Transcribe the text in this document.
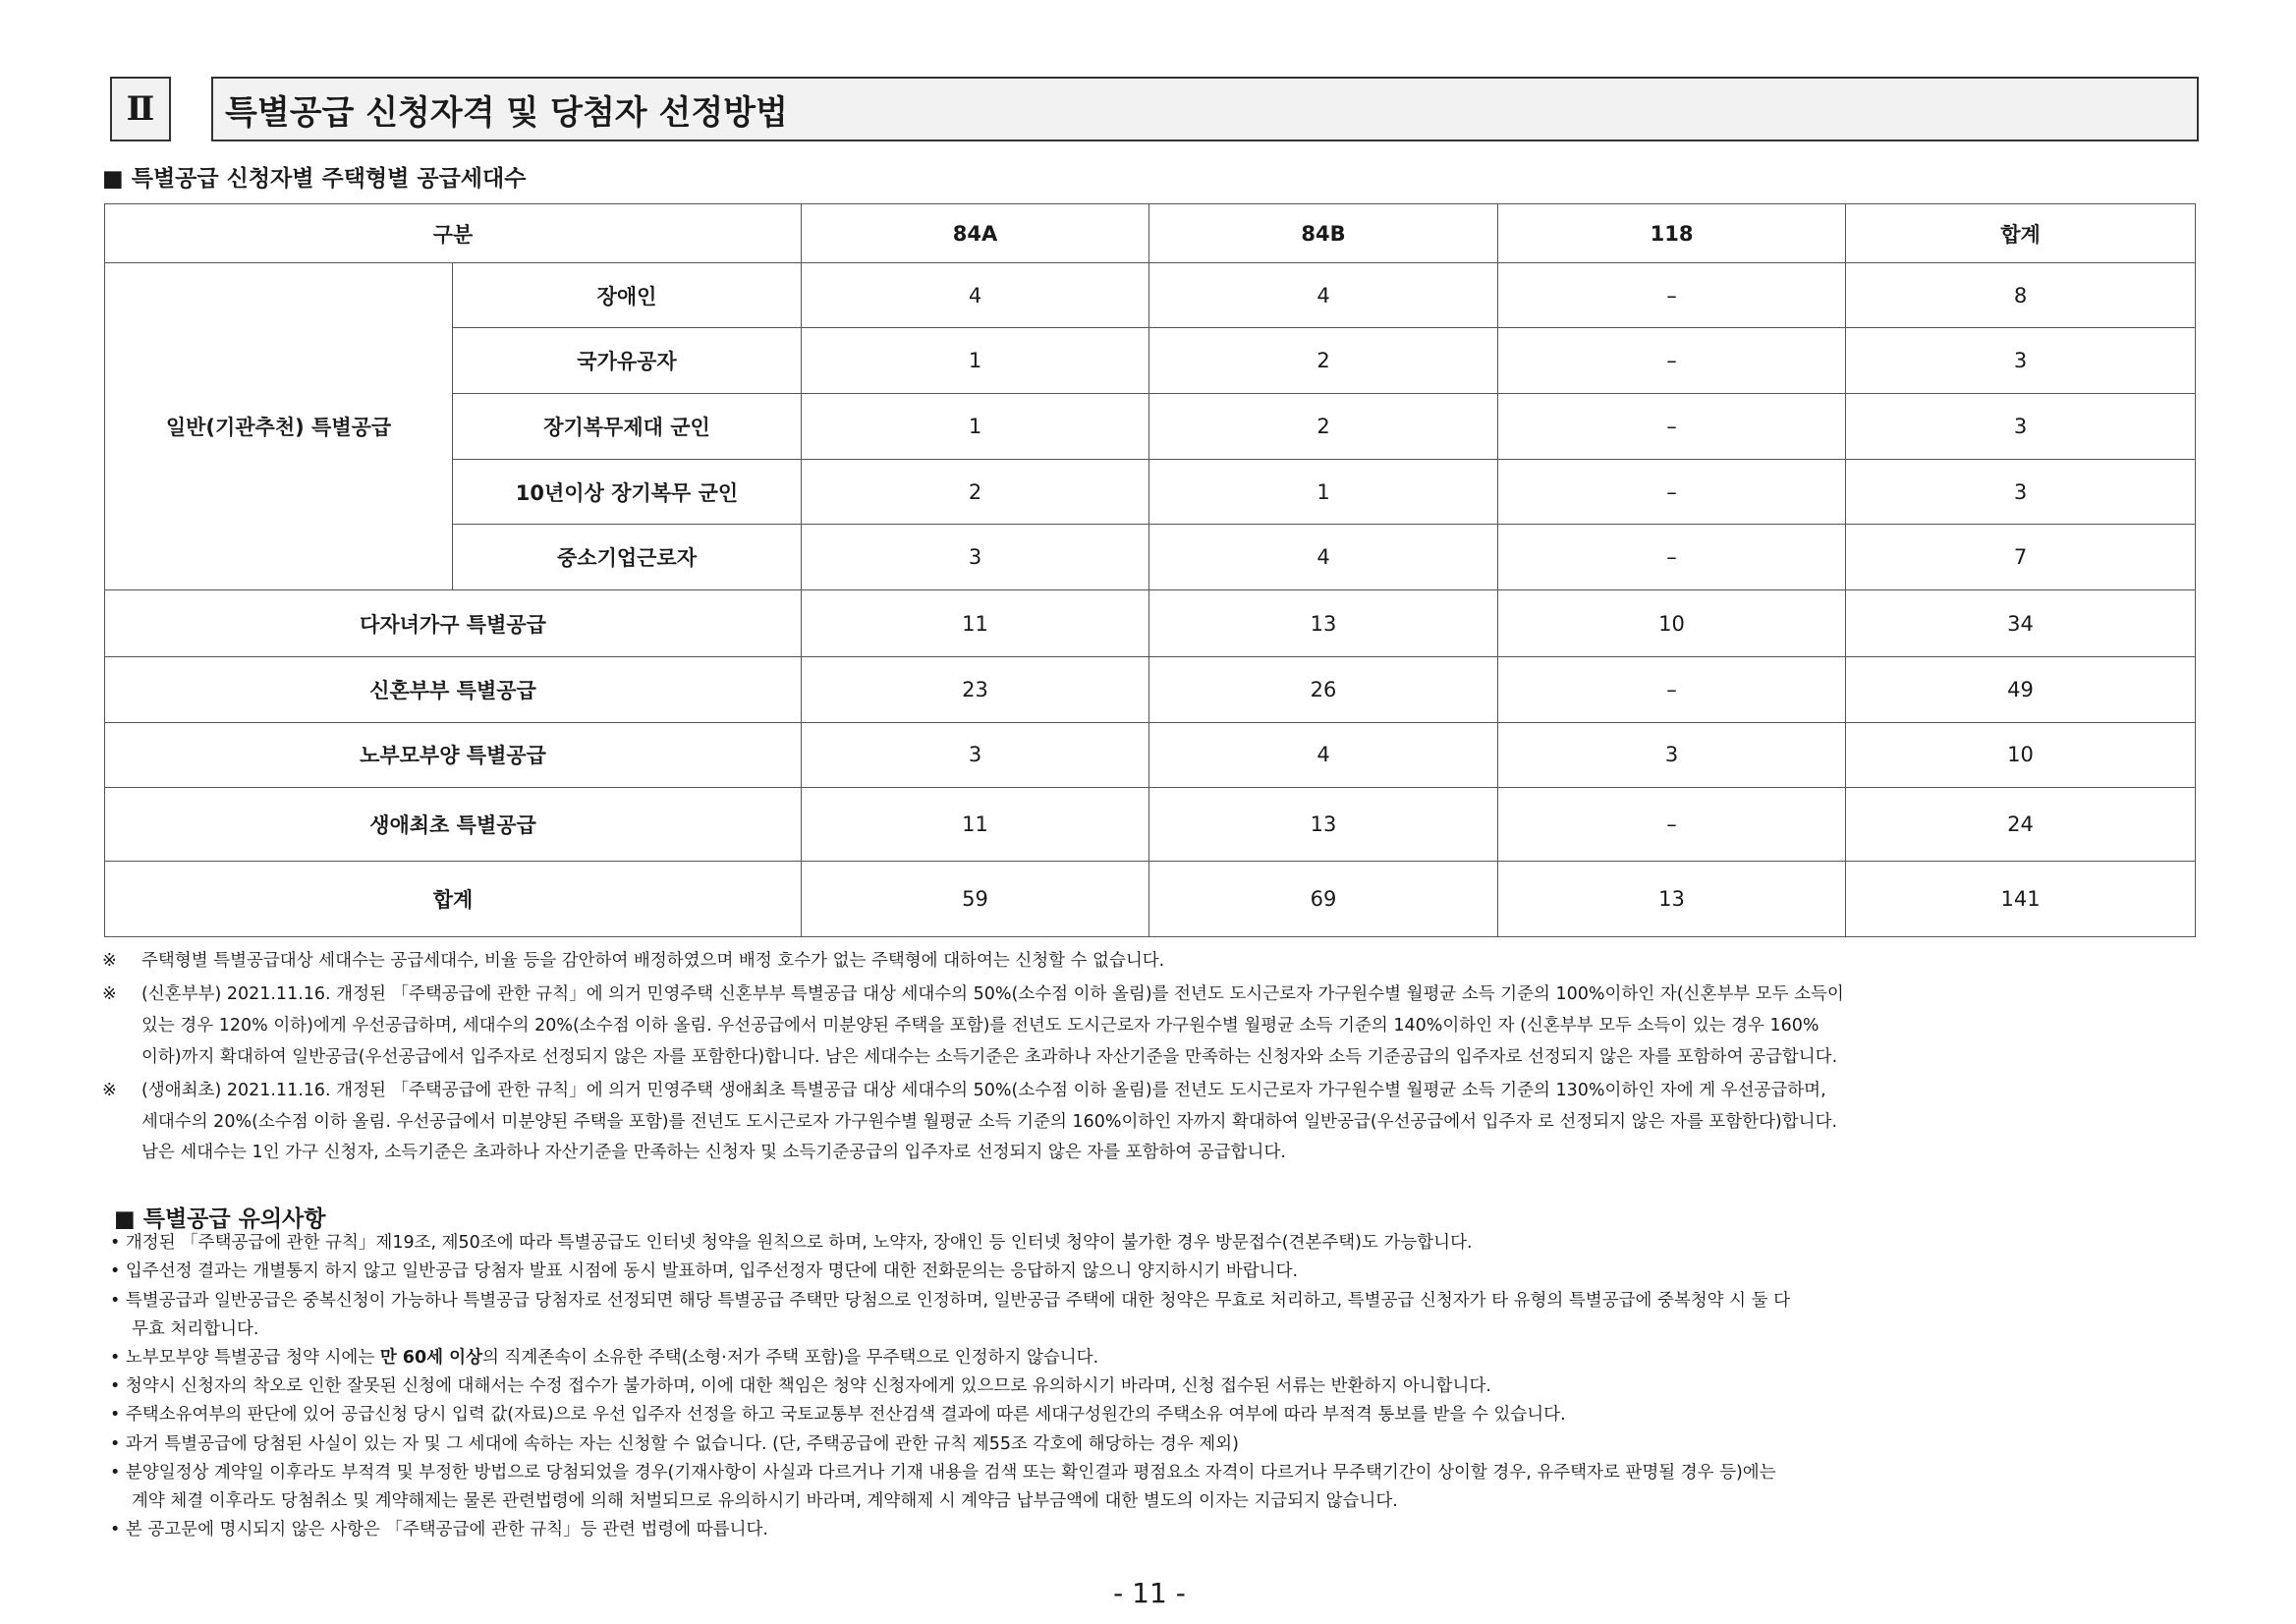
Ⅱ	특별공급 신청자격 및 당첨자 선정방법
■ 특별공급 신청자별 주택형별 공급세대수
구분		84A	84B	118	합계
일반(기관추천) 특별공급	장애인	4	4	–	8
	국가유공자	1	2	–	3
	장기복무제대 군인	1	2	–	3
	10년이상 장기복무 군인	2	1	–	3
	중소기업근로자	3	4	–	7
다자녀가구 특별공급		11	13	10	34
신혼부부 특별공급		23	26	–	49
노부모부양 특별공급		3	4	3	10
생애최초 특별공급		11	13	–	24
합계		59	69	13	141
※ 주택형별 특별공급대상 세대수는 공급세대수, 비율 등을 감안하여 배정하였으며 배정 호수가 없는 주택형에 대하여는 신청할 수 없습니다.
※ (신혼부부) 2021.11.16. 개정된 「주택공급에 관한 규칙」에 의거 민영주택 신혼부부 특별공급 대상 세대수의 50%(소수점 이하 올림)를 전년도 도시근로자 가구원수별 월평균 소득 기준의 100%이하인 자(신혼부부 모두 소득이
있는 경우 120% 이하)에게 우선공급하며, 세대수의 20%(소수점 이하 올림. 우선공급에서 미분양된 주택을 포함)를 전년도 도시근로자 가구원수별 월평균 소득 기준의 140%이하인 자 (신혼부부 모두 소득이 있는 경우 160%
이하)까지 확대하여 일반공급(우선공급에서 입주자로 선정되지 않은 자를 포함한다)합니다. 남은 세대수는 소득기준은 초과하나 자산기준을 만족하는 신청자와 소득 기준공급의 입주자로 선정되지 않은 자를 포함하여 공급합니다.
※ (생애최초) 2021.11.16. 개정된 「주택공급에 관한 규칙」에 의거 민영주택 생애최초 특별공급 대상 세대수의 50%(소수점 이하 올림)를 전년도 도시근로자 가구원수별 월평균 소득 기준의 130%이하인 자에 게 우선공급하며,
세대수의 20%(소수점 이하 올림. 우선공급에서 미분양된 주택을 포함)를 전년도 도시근로자 가구원수별 월평균 소득 기준의 160%이하인 자까지 확대하여 일반공급(우선공급에서 입주자 로 선정되지 않은 자를 포함한다)합니다.
남은 세대수는 1인 가구 신청자, 소득기준은 초과하나 자산기준을 만족하는 신청자 및 소득기준공급의 입주자로 선정되지 않은 자를 포함하여 공급합니다.
■ 특별공급 유의사항
• 개정된 「주택공급에 관한 규칙」제19조, 제50조에 따라 특별공급도 인터넷 청약을 원칙으로 하며, 노약자, 장애인 등 인터넷 청약이 불가한 경우 방문접수(견본주택)도 가능합니다.
• 입주선정 결과는 개별통지 하지 않고 일반공급 당첨자 발표 시점에 동시 발표하며, 입주선정자 명단에 대한 전화문의는 응답하지 않으니 양지하시기 바랍니다.
• 특별공급과 일반공급은 중복신청이 가능하나 특별공급 당첨자로 선정되면 해당 특별공급 주택만 당첨으로 인정하며, 일반공급 주택에 대한 청약은 무효로 처리하고, 특별공급 신청자가 타 유형의 특별공급에 중복청약 시 둘 다
무효 처리합니다.
• 노부모부양 특별공급 청약 시에는 만 60세 이상의 직계존속이 소유한 주택(소형·저가 주택 포함)을 무주택으로 인정하지 않습니다.
• 청약시 신청자의 착오로 인한 잘못된 신청에 대해서는 수정 접수가 불가하며, 이에 대한 책임은 청약 신청자에게 있으므로 유의하시기 바라며, 신청 접수된 서류는 반환하지 아니합니다.
• 주택소유여부의 판단에 있어 공급신청 당시 입력 값(자료)으로 우선 입주자 선정을 하고 국토교통부 전산검색 결과에 따른 세대구성원간의 주택소유 여부에 따라 부적격 통보를 받을 수 있습니다.
• 과거 특별공급에 당첨된 사실이 있는 자 및 그 세대에 속하는 자는 신청할 수 없습니다. (단, 주택공급에 관한 규칙 제55조 각호에 해당하는 경우 제외)
• 분양일정상 계약일 이후라도 부적격 및 부정한 방법으로 당첨되었을 경우(기재사항이 사실과 다르거나 기재 내용을 검색 또는 확인결과 평점요소 자격이 다르거나 무주택기간이 상이할 경우, 유주택자로 판명될 경우 등)에는
계약 체결 이후라도 당첨취소 및 계약해제는 물론 관련법령에 의해 처벌되므로 유의하시기 바라며, 계약해제 시 계약금 납부금액에 대한 별도의 이자는 지급되지 않습니다.
• 본 공고문에 명시되지 않은 사항은 「주택공급에 관한 규칙」등 관련 법령에 따릅니다.
- 11 -
